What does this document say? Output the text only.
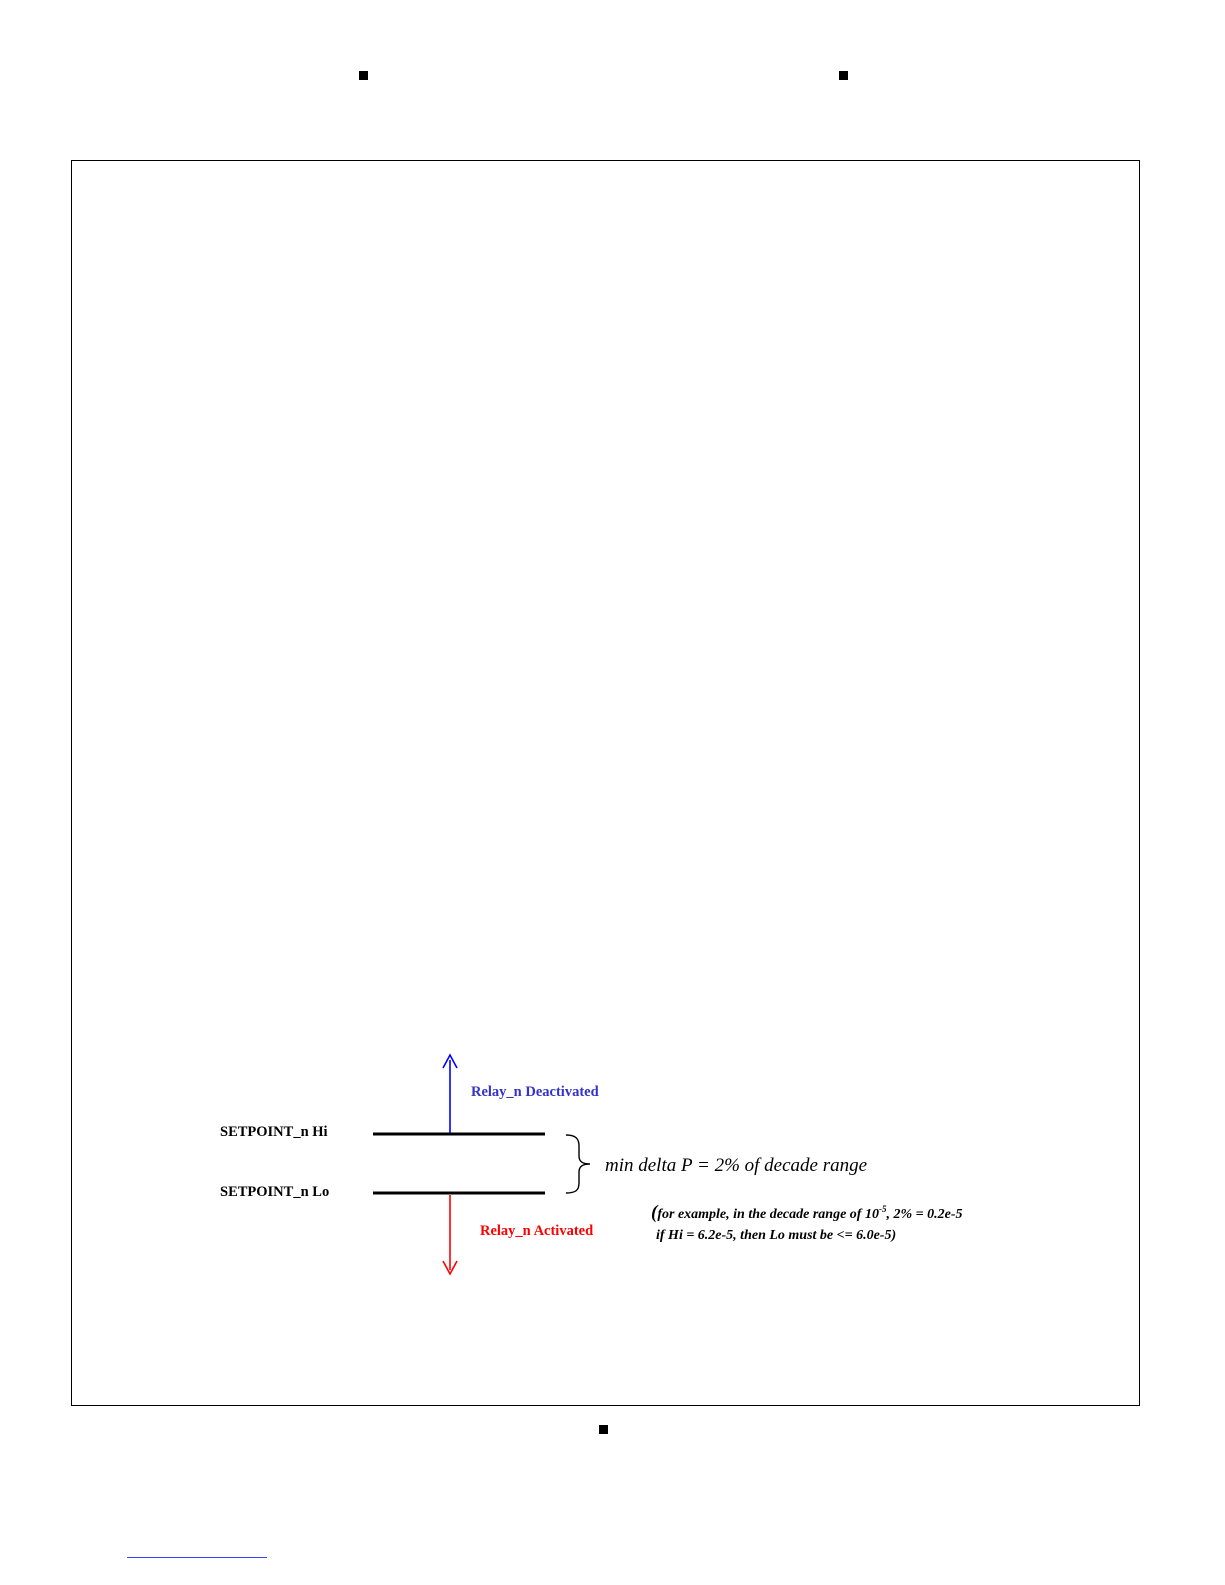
SETPOINT_n Hi
SETPOINT_n Lo
Relay_n Deactivated
Relay_n Activated
min delta P = 2% of decade range
(for example, in the decade range of $10^{-5}$, 2% = 0.2e-5
if Hi = 6.2e-5, then Lo must be <= 6.0e-5)
